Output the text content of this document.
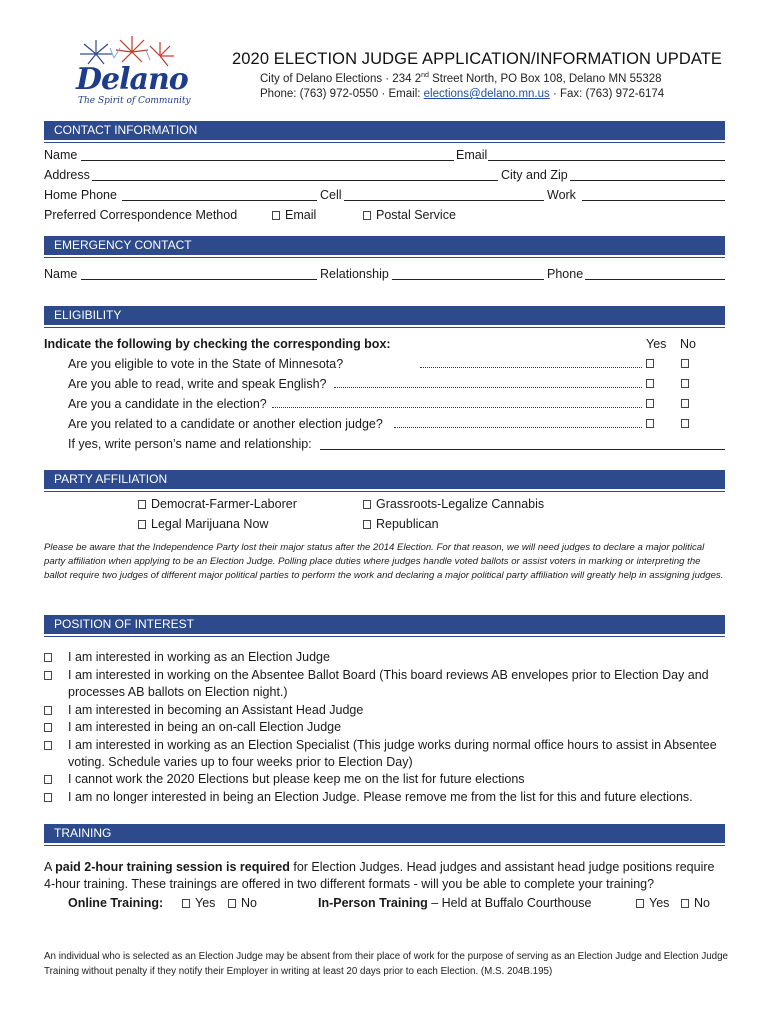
Delano
The Spirit of Community
2020 ELECTION JUDGE APPLICATION/INFORMATION UPDATE
City of Delano Elections · 234 2nd Street North, PO Box 108, Delano MN 55328
Phone: (763) 972-0550 · Email: elections@delano.mn.us · Fax: (763) 972-6174
CONTACT INFORMATION
Name	Email
Address	City and Zip
Home Phone	Cell	Work
Preferred Correspondence Method	Email	Postal Service
EMERGENCY CONTACT
Name	Relationship	Phone
ELIGIBILITY
Indicate the following by checking the corresponding box:	Yes No
Are you eligible to vote in the State of Minnesota?
Are you able to read, write and speak English?
Are you a candidate in the election?
Are you related to a candidate or another election judge?
If yes, write person’s name and relationship:
PARTY AFFILIATION
Democrat-Farmer-Laborer	Grassroots-Legalize Cannabis
Legal Marijuana Now	Republican
Please be aware that the Independence Party lost their major status after the 2014 Election. For that reason, we will need judges to declare a major political party affiliation when applying to be an Election Judge. Polling place duties where judges handle voted ballots or assist voters in marking or interpreting the ballot require two judges of different major political parties to perform the work and declaring a major political party affiliation will greatly help in assigning judges.
POSITION OF INTEREST
I am interested in working as an Election Judge
I am interested in working on the Absentee Ballot Board (This board reviews AB envelopes prior to Election Day and processes AB ballots on Election night.)
I am interested in becoming an Assistant Head Judge
I am interested in being an on-call Election Judge
I am interested in working as an Election Specialist (This judge works during normal office hours to assist in Absentee voting. Schedule varies up to four weeks prior to Election Day)
I cannot work the 2020 Elections but please keep me on the list for future elections
I am no longer interested in being an Election Judge. Please remove me from the list for this and future elections.
TRAINING
A paid 2-hour training session is required for Election Judges. Head judges and assistant head judge positions require 4-hour training. These trainings are offered in two different formats - will you be able to complete your training?
Online Training:	Yes	No	In-Person Training – Held at Buffalo Courthouse	Yes	No
An individual who is selected as an Election Judge may be absent from their place of work for the purpose of serving as an Election Judge and Election Judge Training without penalty if they notify their Employer in writing at least 20 days prior to each Election. (M.S. 204B.195)
